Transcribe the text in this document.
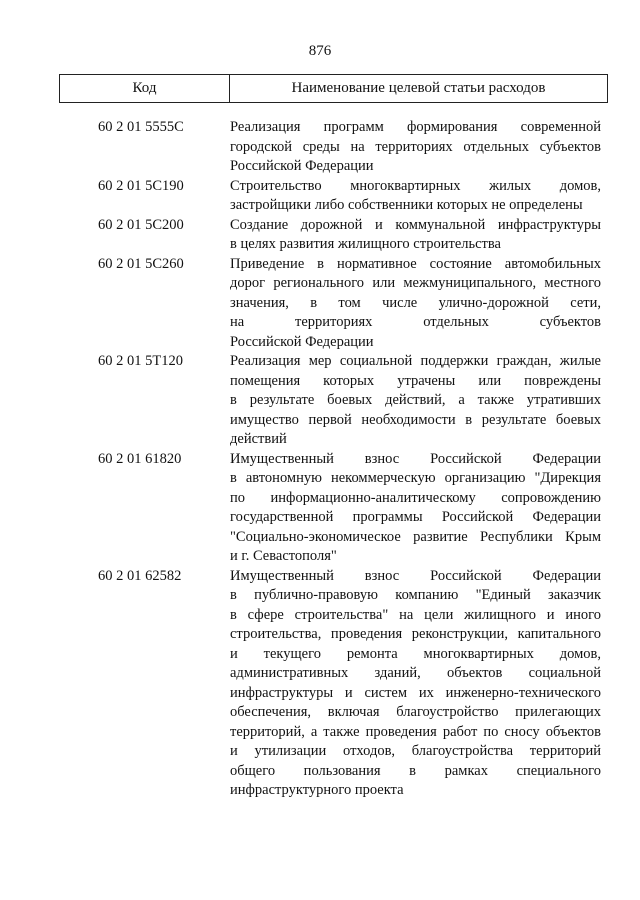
876
Код	Наименование целевой статьи расходов
60 2 01 5555C	Реализация программ формирования современной
городской среды на территориях отдельных субъектов
Российской Федерации
60 2 01 5C190	Строительство многоквартирных жилых домов,
застройщики либо собственники которых не определены
60 2 01 5C200	Создание дорожной и коммунальной инфраструктуры
в целях развития жилищного строительства
60 2 01 5C260	Приведение в нормативное состояние автомобильных
дорог регионального или межмуниципального, местного
значения, в том числе улично-дорожной сети,
на территориях отдельных субъектов
Российской Федерации
60 2 01 5T120	Реализация мер социальной поддержки граждан, жилые
помещения которых утрачены или повреждены
в результате боевых действий, а также утративших
имущество первой необходимости в результате боевых
действий
60 2 01 61820	Имущественный взнос Российской Федерации
в автономную некоммерческую организацию "Дирекция
по информационно-аналитическому сопровождению
государственной программы Российской Федерации
"Социально-экономическое развитие Республики Крым
и г. Севастополя"
60 2 01 62582	Имущественный взнос Российской Федерации
в публично-правовую компанию "Единый заказчик
в сфере строительства" на цели жилищного и иного
строительства, проведения реконструкции, капитального
и текущего ремонта многоквартирных домов,
административных зданий, объектов социальной
инфраструктуры и систем их инженерно-технического
обеспечения, включая благоустройство прилегающих
территорий, а также проведения работ по сносу объектов
и утилизации отходов, благоустройства территорий
общего пользования в рамках специального
инфраструктурного проекта
